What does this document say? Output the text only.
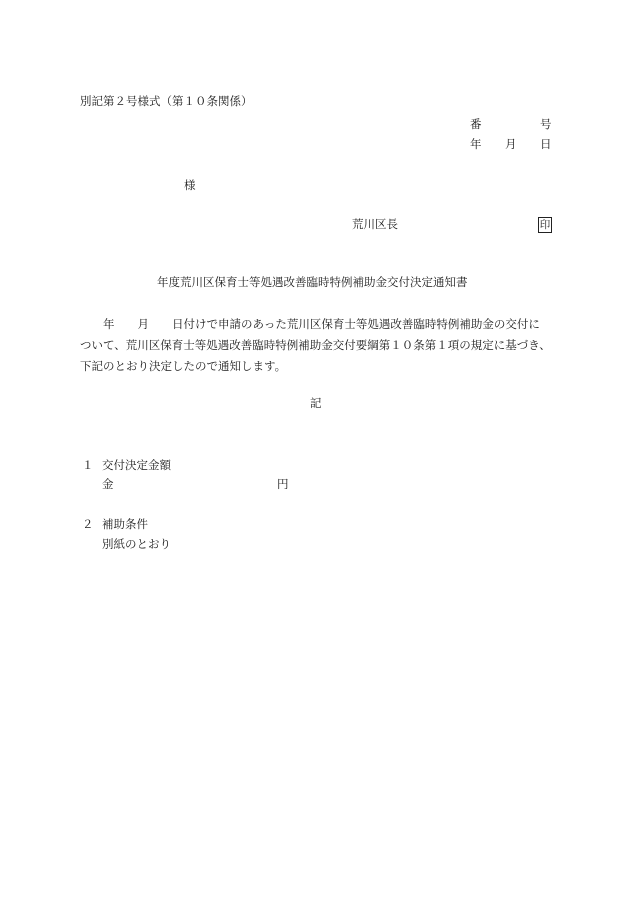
別記第２号様式（第１０条関係）
番	号
年 月 日
様
荒川区長	印
年度荒川区保育士等処遇改善臨時特例補助金交付決定通知書
年 月 日付けで申請のあった荒川区保育士等処遇改善臨時特例補助金の交付に
ついて、荒川区保育士等処遇改善臨時特例補助金交付要綱第１０条第１項の規定に基づき、
下記のとおり決定したので通知します。
記
１ 交付決定金額
金	円
２ 補助条件
別紙のとおり
